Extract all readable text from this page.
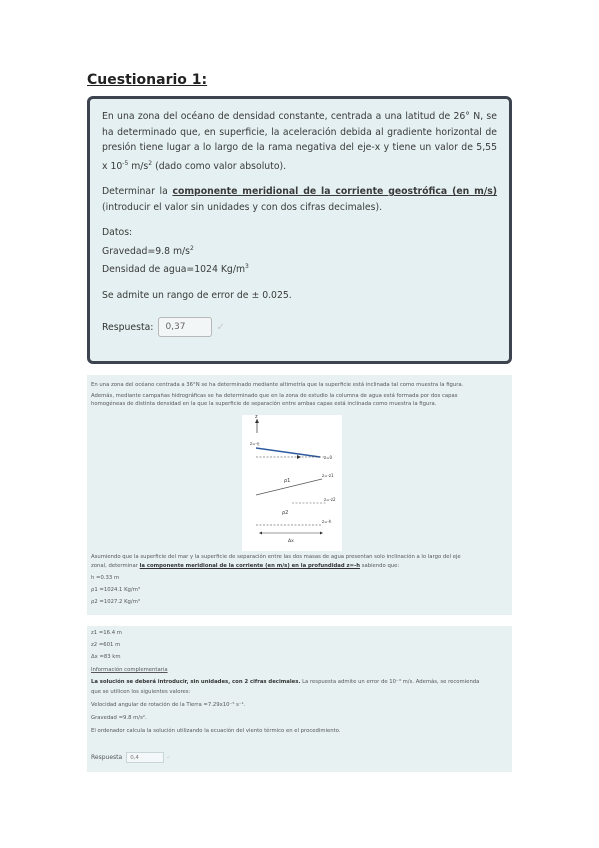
Cuestionario 1:

En una zona del océano de densidad constante, centrada a una latitud de 26° N, se ha determinado que, en superficie, la aceleración debida al gradiente horizontal de presión tiene lugar a lo largo de la rama negativa del eje-x y tiene un valor de 5,55 x $10^{-5}$ $m/s^2$ (dado como valor absoluto).

Determinar la componente meridional de la corriente geostrófica (en m/s) (introducir el valor sin unidades y con dos cifras decimales).

Datos:

Gravedad=9.8 $m/s^2$

Densidad de agua=1024 $Kg/m^3$

Se admite un rango de error de ± 0.025.

Respuesta:	0,37	✓
En una zona del océano centrada a 36°N se ha determinado mediante altimetría que la superficie está inclinada tal como muestra la figura.
Además, mediante campañas hidrográficas se ha determinado que en la zona de estudio la columna de agua está formada por dos capas
homogéneas de distinta densidad en la que la superficie de separación entre ambas capas está inclinada como muestra la figura.
z
z=-η
z=0
ρ1
z=-z1
z=-z2
ρ2
z=-h
Δx
Asumiendo que la superficie del mar y la superficie de separación entre las dos masas de agua presentan solo inclinación a lo largo del eje
zonal, determinar la componente meridional de la corriente (en m/s) en la profundidad z=-h sabiendo que:
h =0.33 m
ρ1 =1024.1 Kg/m³
ρ2 =1027.2 Kg/m³
z1 =16.4 m
z2 =601 m
Δx =83 km
Información complementaria
La solución se deberá introducir, sin unidades, con 2 cifras decimales. La respuesta admite un error de 10⁻³ m/s. Además, se recomienda
que se utilicen los siguientes valores:
Velocidad angular de rotación de la Tierra =7.29x10⁻⁵ s⁻¹.
Gravedad =9.8 m/s².
El ordenador calcula la solución utilizando la ecuación del viento térmico en el procedimiento.
Respuesta	0,4	✓
